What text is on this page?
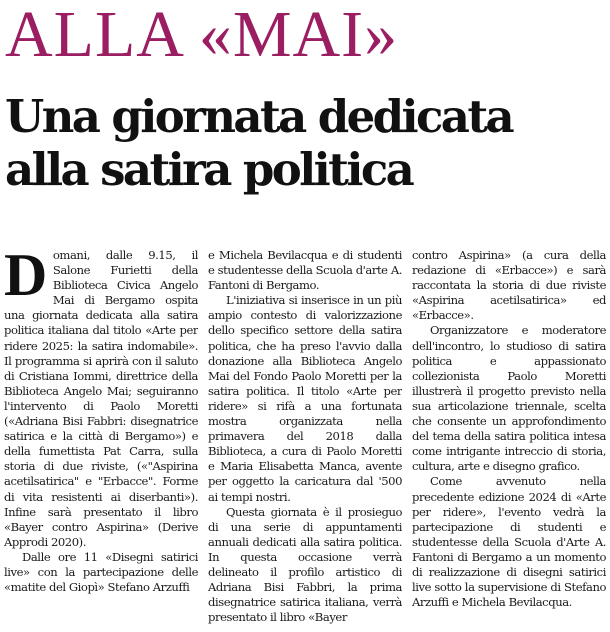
ALLA «MAI»
Una giornata dedicata
alla satira politica

Domani, dalle 9.15, il Salone Furietti della Biblioteca Civica Angelo Mai di Bergamo ospita una giornata dedicata alla satira politica italiana dal titolo «Arte per ridere 2025: la satira indomabile». Il programma si aprirà con il saluto di Cristiana Iommi, direttrice della Biblioteca Angelo Mai; seguiranno l'intervento di Paolo Moretti («Adriana Bisi Fabbri: disegnatrice satirica e la città di Bergamo») e della fumettista Pat Carra, sulla storia di due riviste, («"Aspirina acetilsatirica" e "Erbacce". Forme di vita resistenti ai diserbanti»). Infine sarà presentato il libro «Bayer contro Aspirina» (Derive Approdi 2020).

Dalle ore 11 «Disegni satirici live» con la partecipazione delle «matite del Giopì» Stefano Arzuffi

e Michela Bevilacqua e di studenti e studentesse della Scuola d'arte A. Fantoni di Bergamo.

L'iniziativa si inserisce in un più ampio contesto di valorizzazione dello specifico settore della satira politica, che ha preso l'avvio dalla donazione alla Biblioteca Angelo Mai del Fondo Paolo Moretti per la satira politica. Il titolo «Arte per ridere» si rifà a una fortunata mostra organizzata nella primavera del 2018 dalla Biblioteca, a cura di Paolo Moretti e Maria Elisabetta Manca, avente per oggetto la caricatura dal '500 ai tempi nostri.

Questa giornata è il prosieguo di una serie di appuntamenti annuali dedicati alla satira politica. In questa occasione verrà delineato il profilo artistico di Adriana Bisi Fabbri, la prima disegnatrice satirica italiana, verrà presentato il libro «Bayer

contro Aspirina» (a cura della redazione di «Erbacce») e sarà raccontata la storia di due riviste «Aspirina acetilsatirica» ed «Erbacce».

Organizzatore e moderatore dell'incontro, lo studioso di satira politica e appassionato collezionista Paolo Moretti illustrerà il progetto previsto nella sua articolazione triennale, scelta che consente un approfondimento del tema della satira politica intesa come intrigante intreccio di storia, cultura, arte e disegno grafico.

Come avvenuto nella precedente edizione 2024 di «Arte per ridere», l'evento vedrà la partecipazione di studenti e studentesse della Scuola d'Arte A. Fantoni di Bergamo a un momento di realizzazione di disegni satirici live sotto la supervisione di Stefano Arzuffi e Michela Bevilacqua.
